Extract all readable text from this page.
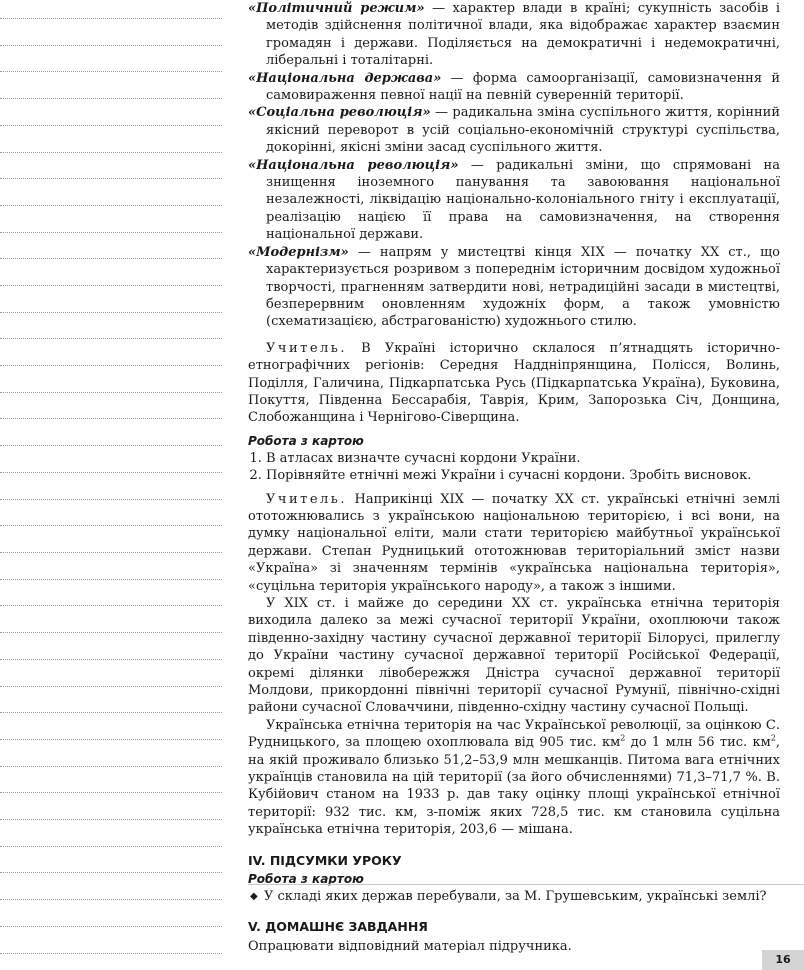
«Політичний режим» — характер влади в країні; сукупність засобів і методів здійснення політичної влади, яка відображає характер взаємин громадян і держави. Поділяється на демократичні і недемократичні, ліберальні і тоталітарні.

«Національна держава» — форма самоорганізації, самовизначення й самовираження певної нації на певній суверенній території.

«Соціальна революція» — радикальна зміна суспільного життя, корінний якісний переворот в усій соціально-економічній структурі суспільства, докорінні, якісні зміни засад суспільного життя.

«Національна революція» — радикальні зміни, що спрямовані на знищення іноземного панування та завоювання національної незалежності, ліквідацію національно-колоніального гніту і експлуатації, реалізацію нацією її права на самовизначення, на створення національної держави.

«Модернізм» — напрям у мистецтві кінця XIX — початку XX ст., що характеризується розривом з попереднім історичним досвідом художньої творчості, прагненням затвердити нові, нетрадиційні засади в мистецтві, безперервним оновленням художніх форм, а також умовністю (схематизацією, абстрагованістю) художнього стилю.

Учитель. В Україні історично склалося п’ятнадцять історично-етнографічних регіонів: Середня Наддніпрянщина, Полісся, Волинь, Поділля, Галичина, Підкарпатська Русь (Підкарпатська Україна), Буковина, Покуття, Південна Бессарабія, Таврія, Крим, Запорозька Січ, Донщина, Слобожанщина і Чернігово-Сіверщина.

Робота з картою
1. В атласах визначте сучасні кордони України.
2. Порівняйте етнічні межі України і сучасні кордони. Зробіть висновок.

Учитель. Наприкінці XIX — початку XX ст. українські етнічні землі ототожнювались з українською національною територією, і всі вони, на думку національної еліти, мали стати територією майбутньої української держави. Степан Рудницький ототожнював територіальний зміст назви «Україна» зі значенням термінів «українська національна територія», «суцільна територія українського народу», а також з іншими.

У XIX ст. і майже до середини XX ст. українська етнічна територія виходила далеко за межі сучасної території України, охоплюючи також південно-західну частину сучасної державної території Білорусі, прилеглу до України частину сучасної державної території Російської Федерації, окремі ділянки лівобережжя Дністра сучасної державної території Молдови, прикордонні північні території сучасної Румунії, північно-східні райони сучасної Словаччини, південно-східну частину сучасної Польщі.

Українська етнічна територія на час Української революції, за оцінкою С. Рудницького, за площею охоплювала від 905 тис. $км^2$ до 1 млн 56 тис. $км^2$, на якій проживало близько 51,2–53,9 млн мешканців. Питома вага етнічних українців становила на цій території (за його обчисленнями) 71,3–71,7 %. В. Кубійович станом на 1933 р. дав таку оцінку площі української етнічної території: 932 тис. км, з-поміж яких 728,5 тис. км становила суцільна українська етнічна територія, 203,6 — мішана.

IV. ПІДСУМКИ УРОКУ
Робота з картою
◆ У складі яких держав перебували, за М. Грушевським, українські землі?
V. ДОМАШНЄ ЗАВДАННЯ

Опрацювати відповідний матеріал підручника.

16
